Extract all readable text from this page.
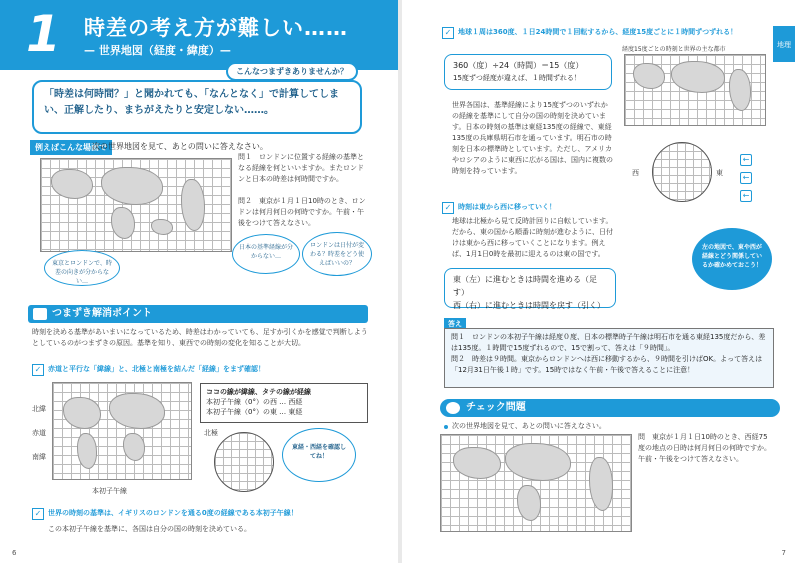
1 時差の考え方が難しい……
— 世界地図（経度・緯度）—
こんなつまずきありませんか？
「時差は何時間？」と聞かれても、「なんとなく」で計算してしまい、正解したり、まちがえたりと安定しない……。
例えばこんな場面で
次の世界地図を見て、あとの問いに答えなさい。
問１　ロンドンに位置する経線の基準となる経線を何といいますか。またロンドンと日本の時差は何時間ですか。
問２　東京が１月１日10時のとき、ロンドンは何月何日の何時ですか。午前・午後をつけて答えなさい。
日本の基準経線が分からない…
ロンドンは日付が変わる？時差をどう使えばいいの？
東京とロンドンで、時差の向きが分からない…
つまずき解消ポイント
時刻を決める基準があいまいになっているため、時差はわかっていても、足すか引くかを感覚で判断しようとしているのがつまずきの原因。基準を知り、東西での時刻の変化を知ることが大切。
✓ 赤道と平行な「緯線」と、北極と南極を結んだ「経線」をまず確認！
北緯
赤道
南緯
本初子午線
ココの線が緯線、タテの線が経線
本初子午線（0°）の西 … 西経
本初子午線（0°）の東 … 東経
北極
東経・西経を確認してね！
✓ 世界の時刻の基準は、イギリスのロンドンを通る0度の経線である本初子午線！
この本初子午線を基準に、各国は自分の国の時刻を決めている。
6	7
地理
✓ 地球１周は360度、１日24時間で１回転するから、経度15度ごとに１時間ずつずれる！
360（度）÷24（時間）＝15（度）
15度ずつ経度が違えば、１時間ずれる！
経度15度ごとの時刻と世界の主な都市
世界各国は、基準経線により15度ずつのいずれかの経線を基準にして自分の国の時刻を決めています。日本の時刻の基準は東経135度の経線で、東経135度の兵庫県明石市を通っています。明石市の時刻を日本の標準時としています。ただし、アメリカやロシアのように東西に広がる国は、国内に複数の時刻を持っています。	西	東
←
←
←
✓ 時刻は東から西に移っていく！
地球は北極から見て反時計回りに自転しています。だから、東の国から順番に時刻が進むように、日付けは東から西に移っていくことになります。例えば、1月1日0時を最初に迎えるのは東の国です。
左の地図で、東や西が経線とどう関係しているか確かめておこう！
東（左）に進むときは時間を進める（足す）
西（右）に進むときは時間を戻す（引く）
答え
問１　ロンドンの本初子午線は経度０度、日本の標準時子午線は明石市を通る東経135度だから、差は135度。１時間で15度ずれるので、15で割って、答えは「９時間」。
問２　時差は９時間。東京からロンドンへは西に移動するから、９時間を引けばOK。よって答えは「12月31日午後１時」です。15時ではなく午前・午後で答えることに注意！
チェック問題
次の世界地図を見て、あとの問いに答えなさい。
問　東京が１月１日10時のとき、西経75度の地点の日時は何月何日の何時ですか。午前・午後をつけて答えなさい。
